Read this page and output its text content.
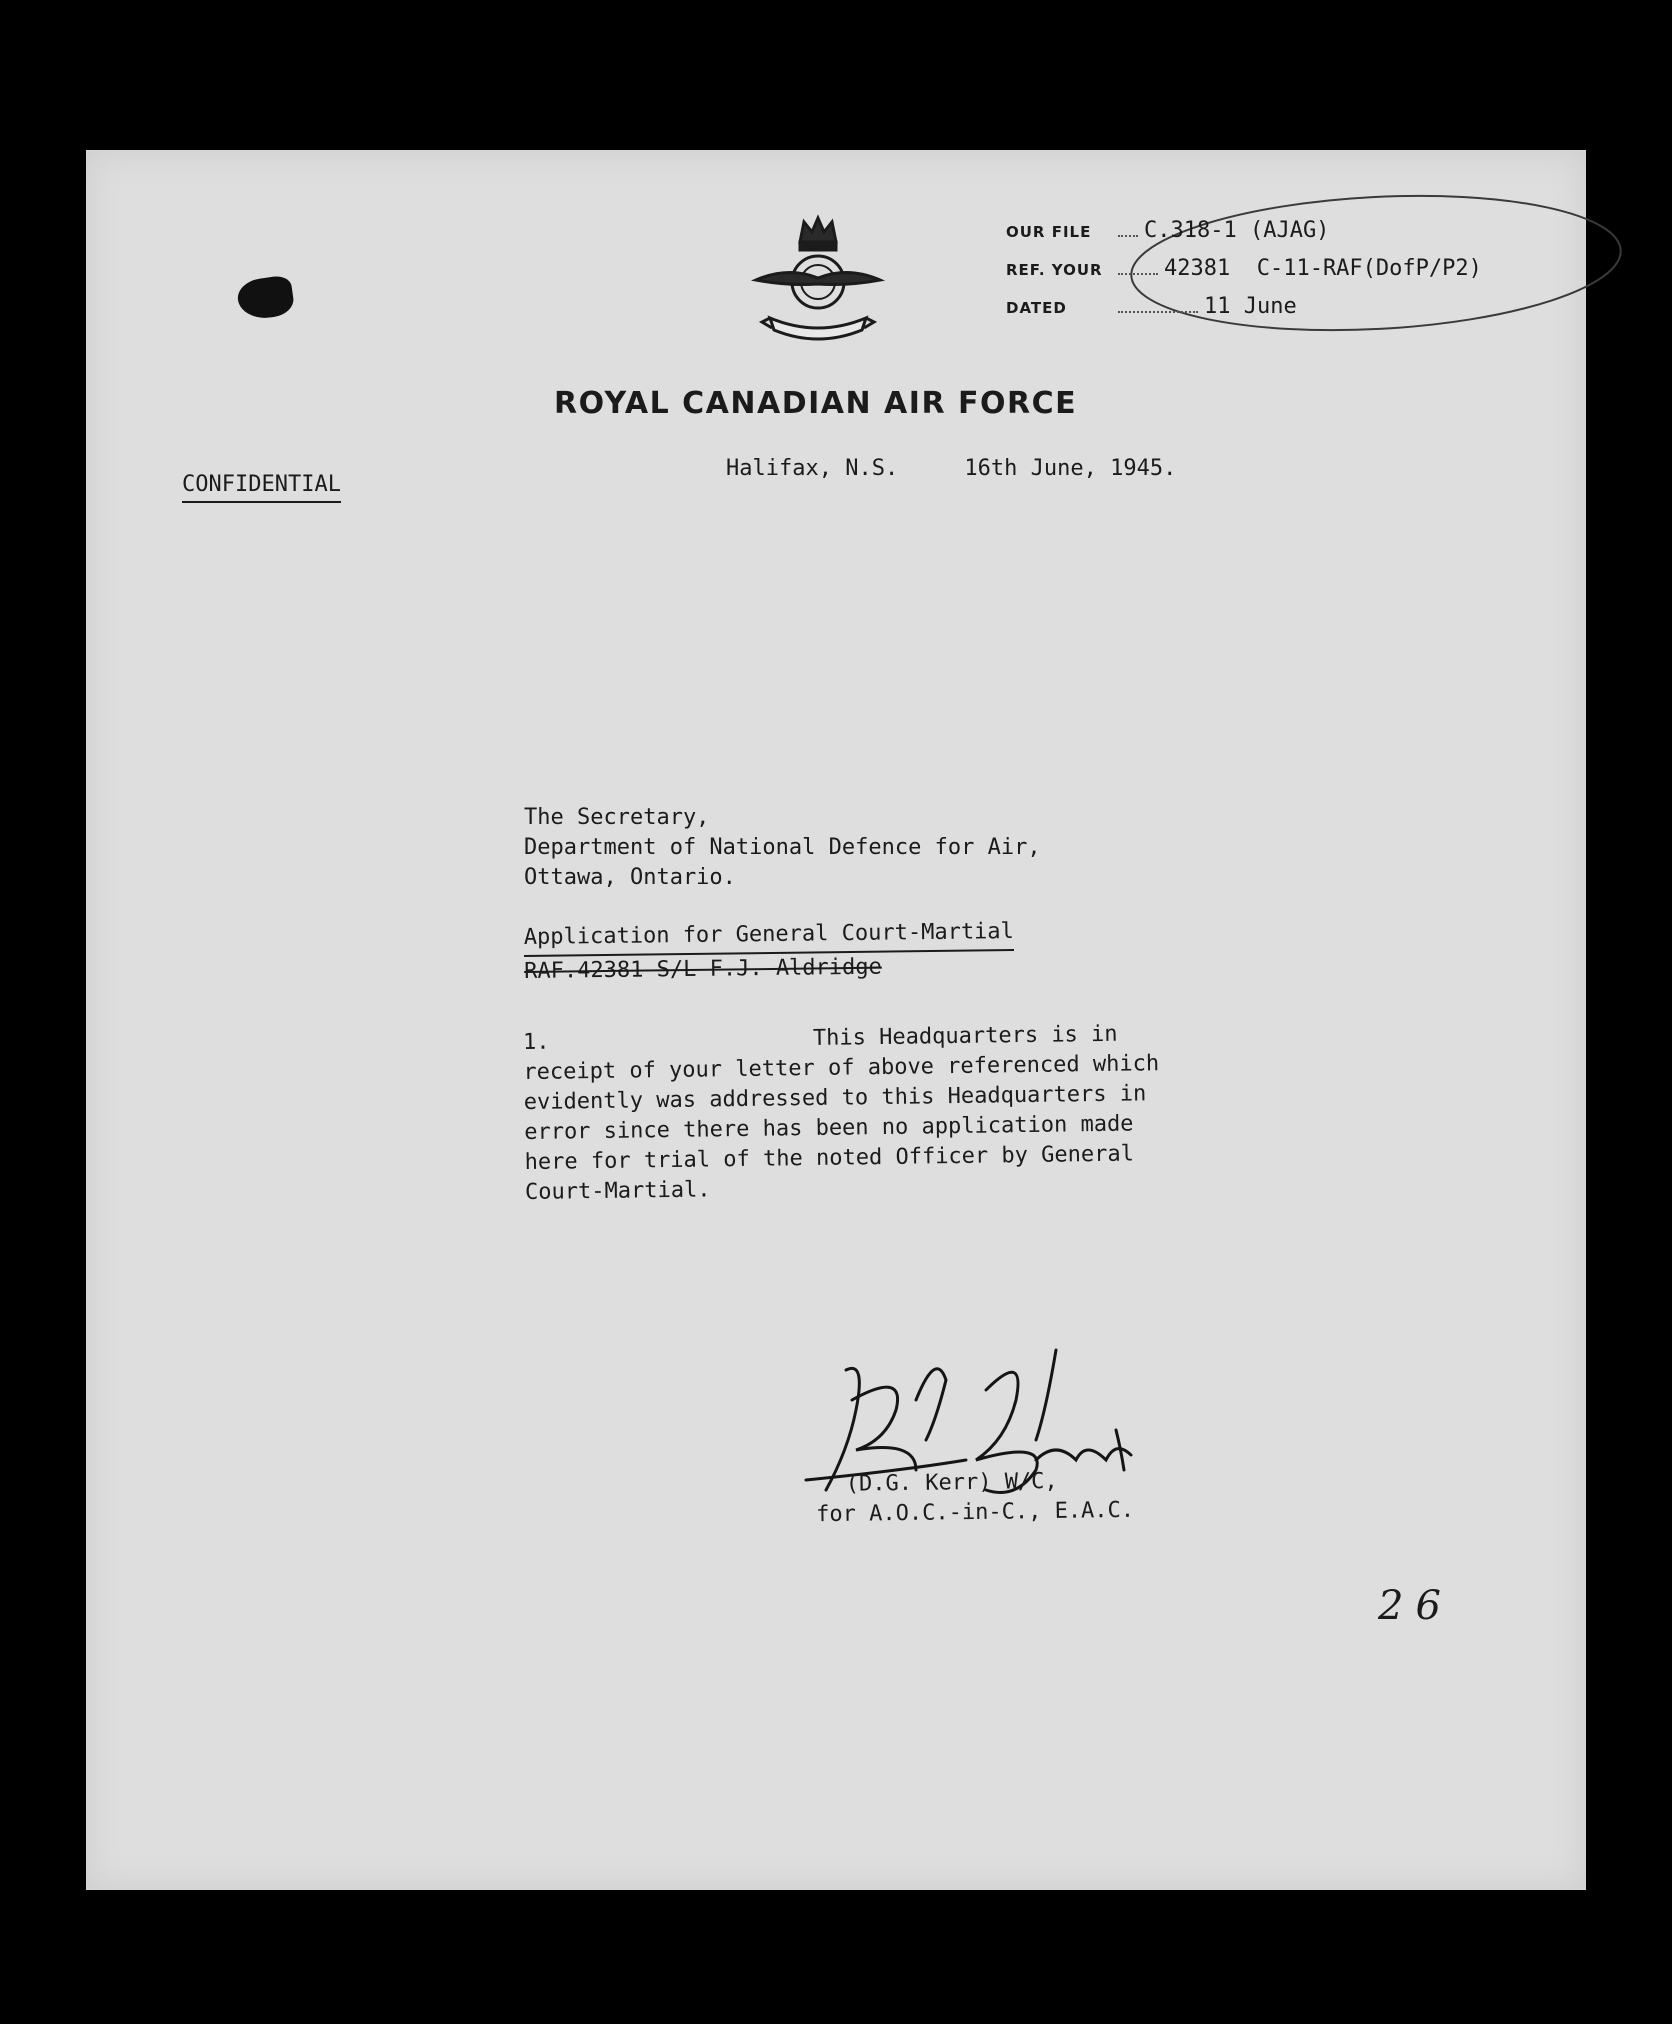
ROYAL CANADIAN AIR FORCE
OUR FILE	C.318-1 (AJAG)
REF. YOUR	42381  C-11-RAF(DofP/P2)
DATED	11 June
CONFIDENTIAL
Halifax, N.S.	16th June, 1945.
The Secretary,
Department of National Defence for Air,
Ottawa, Ontario.
Application for General Court-Martial
RAF.42381 S/L F.J. Aldridge
1.	This Headquarters is in
receipt of your letter of above referenced which
evidently was addressed to this Headquarters in
error since there has been no application made
here for trial of the noted Officer by General
Court-Martial.
(D.G. Kerr) W/C,
for A.O.C.-in-C., E.A.C.
26
